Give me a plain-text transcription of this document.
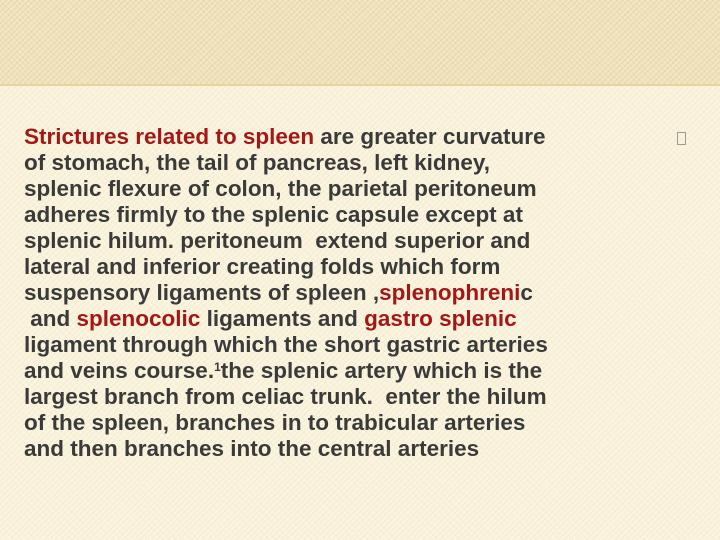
Strictures related to spleen are greater curvature
of stomach, the tail of pancreas, left kidney,
splenic flexure of colon, the parietal peritoneum
adheres firmly to the splenic capsule except at
splenic hilum. peritoneum  extend superior and
lateral and inferior creating folds which form
suspensory ligaments of spleen ,splenophrenic
and splenocolic ligaments and gastro splenic
ligament through which the short gastric arteries
and veins course.$^1$the splenic artery which is the
largest branch from celiac trunk.  enter the hilum
of the spleen, branches in to trabicular arteries
and then branches into the central arteries
